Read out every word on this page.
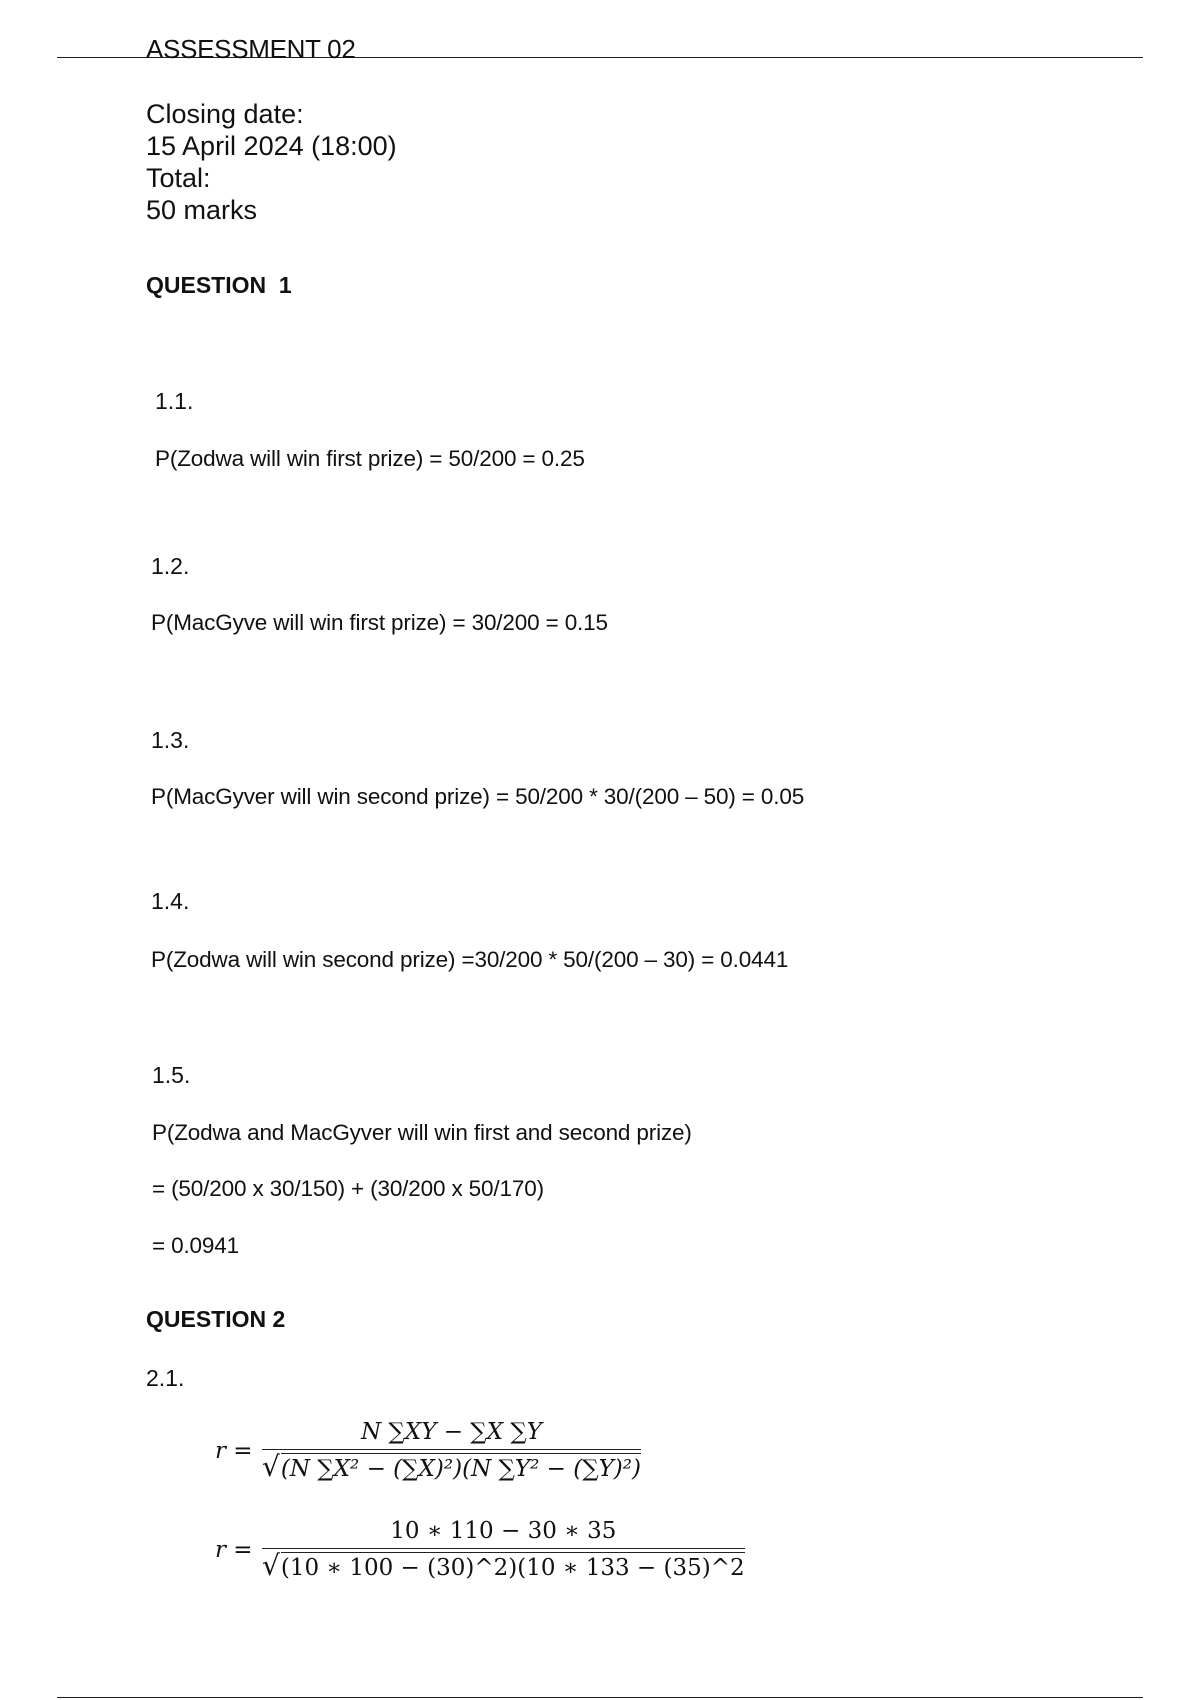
ASSESSMENT 02
Closing date:
15 April 2024 (18:00)
Total:
50 marks
QUESTION  1
1.1.
P(Zodwa will win first prize) = 50/200 = 0.25
1.2.
P(MacGyve will win first prize) = 30/200 = 0.15
1.3.
P(MacGyver will win second prize) = 50/200 * 30/(200 – 50) = 0.05
1.4.
P(Zodwa will win second prize) =30/200 * 50/(200 – 30) = 0.0441
1.5.
P(Zodwa and MacGyver will win first and second prize)
= (50/200 x 30/150) + (30/200 x 50/170)
= 0.0941
QUESTION 2
2.1.
$r = \frac{N \sum XY - \sum X \sum Y}{\text{√ (N ∑X² − (∑X)²)(N ∑Y² − (∑Y)²)}}$
$r = \frac{10 ∗ 110 - 30 ∗ 35}{√ (10 ∗ 100 - (30)\^{}2)(10 ∗ 133 - (35)\^{}2}$
